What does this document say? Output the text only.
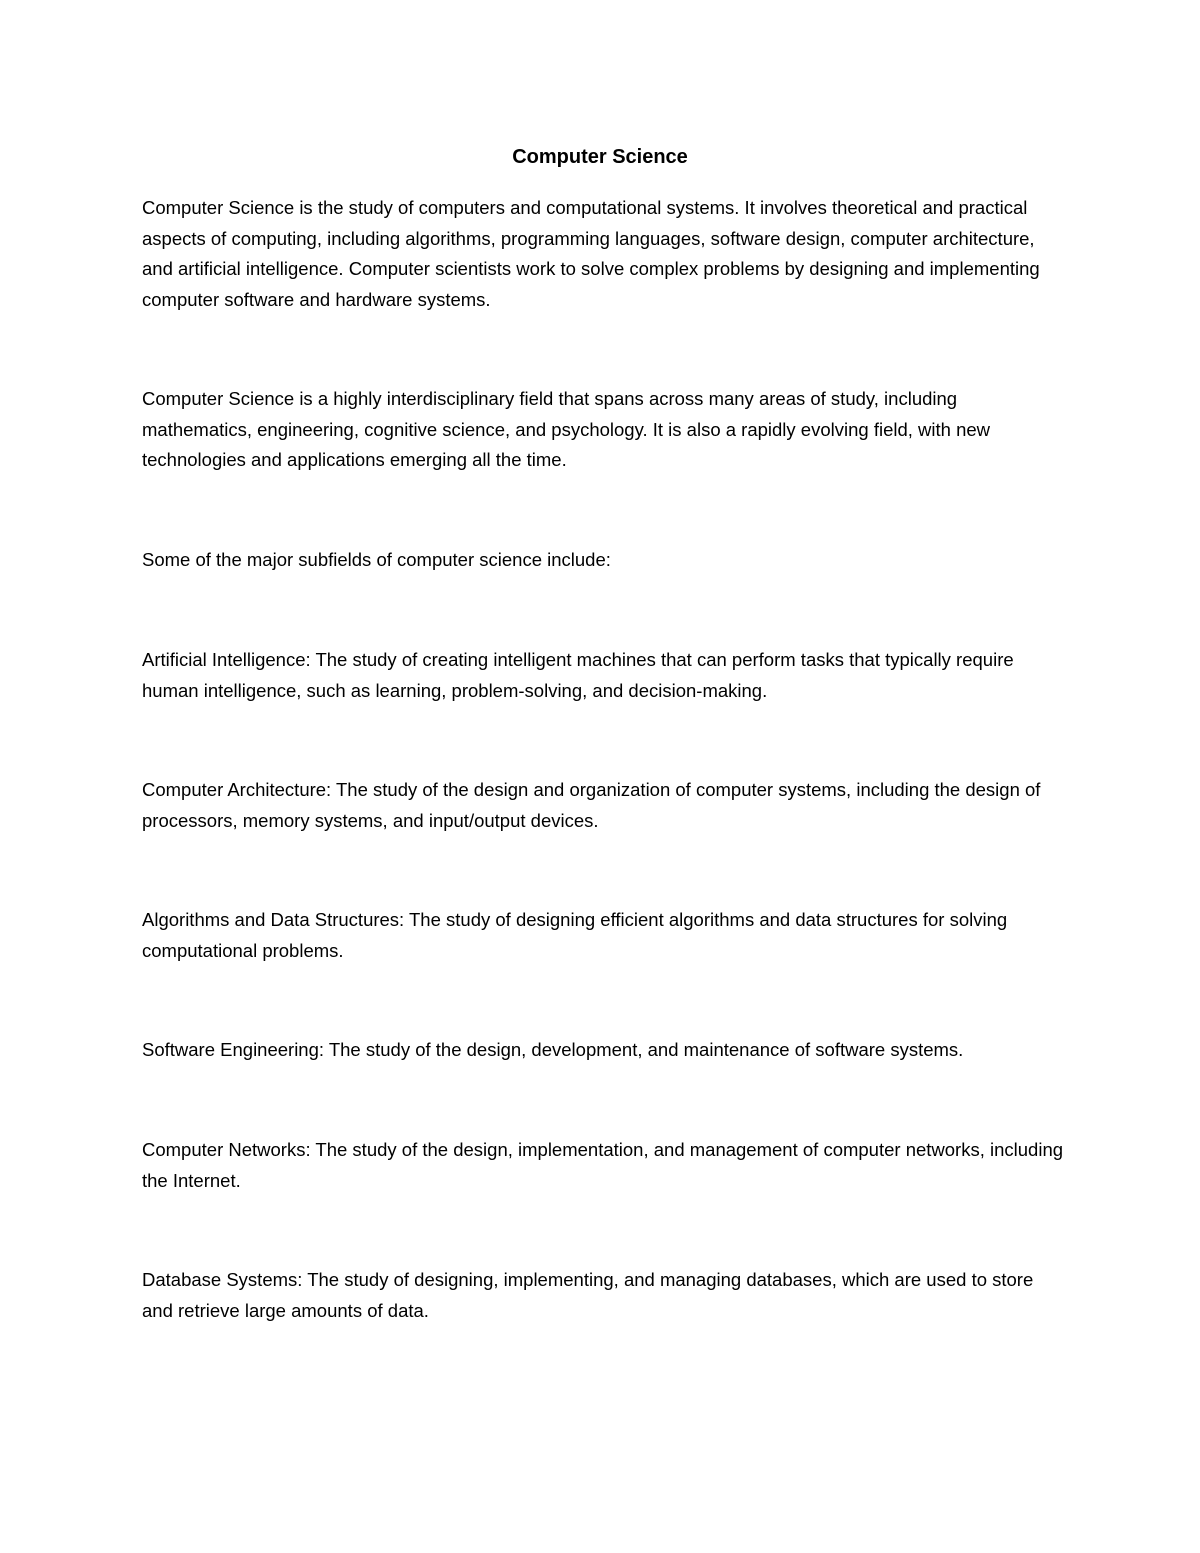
Computer Science
Computer Science is the study of computers and computational systems. It involves theoretical and practical aspects of computing, including algorithms, programming languages, software design, computer architecture, and artificial intelligence. Computer scientists work to solve complex problems by designing and implementing computer software and hardware systems.
Computer Science is a highly interdisciplinary field that spans across many areas of study, including mathematics, engineering, cognitive science, and psychology. It is also a rapidly evolving field, with new technologies and applications emerging all the time.
Some of the major subfields of computer science include:
Artificial Intelligence: The study of creating intelligent machines that can perform tasks that typically require human intelligence, such as learning, problem-solving, and decision-making.
Computer Architecture: The study of the design and organization of computer systems, including the design of processors, memory systems, and input/output devices.
Algorithms and Data Structures: The study of designing efficient algorithms and data structures for solving computational problems.
Software Engineering: The study of the design, development, and maintenance of software systems.
Computer Networks: The study of the design, implementation, and management of computer networks, including the Internet.
Database Systems: The study of designing, implementing, and managing databases, which are used to store and retrieve large amounts of data.
